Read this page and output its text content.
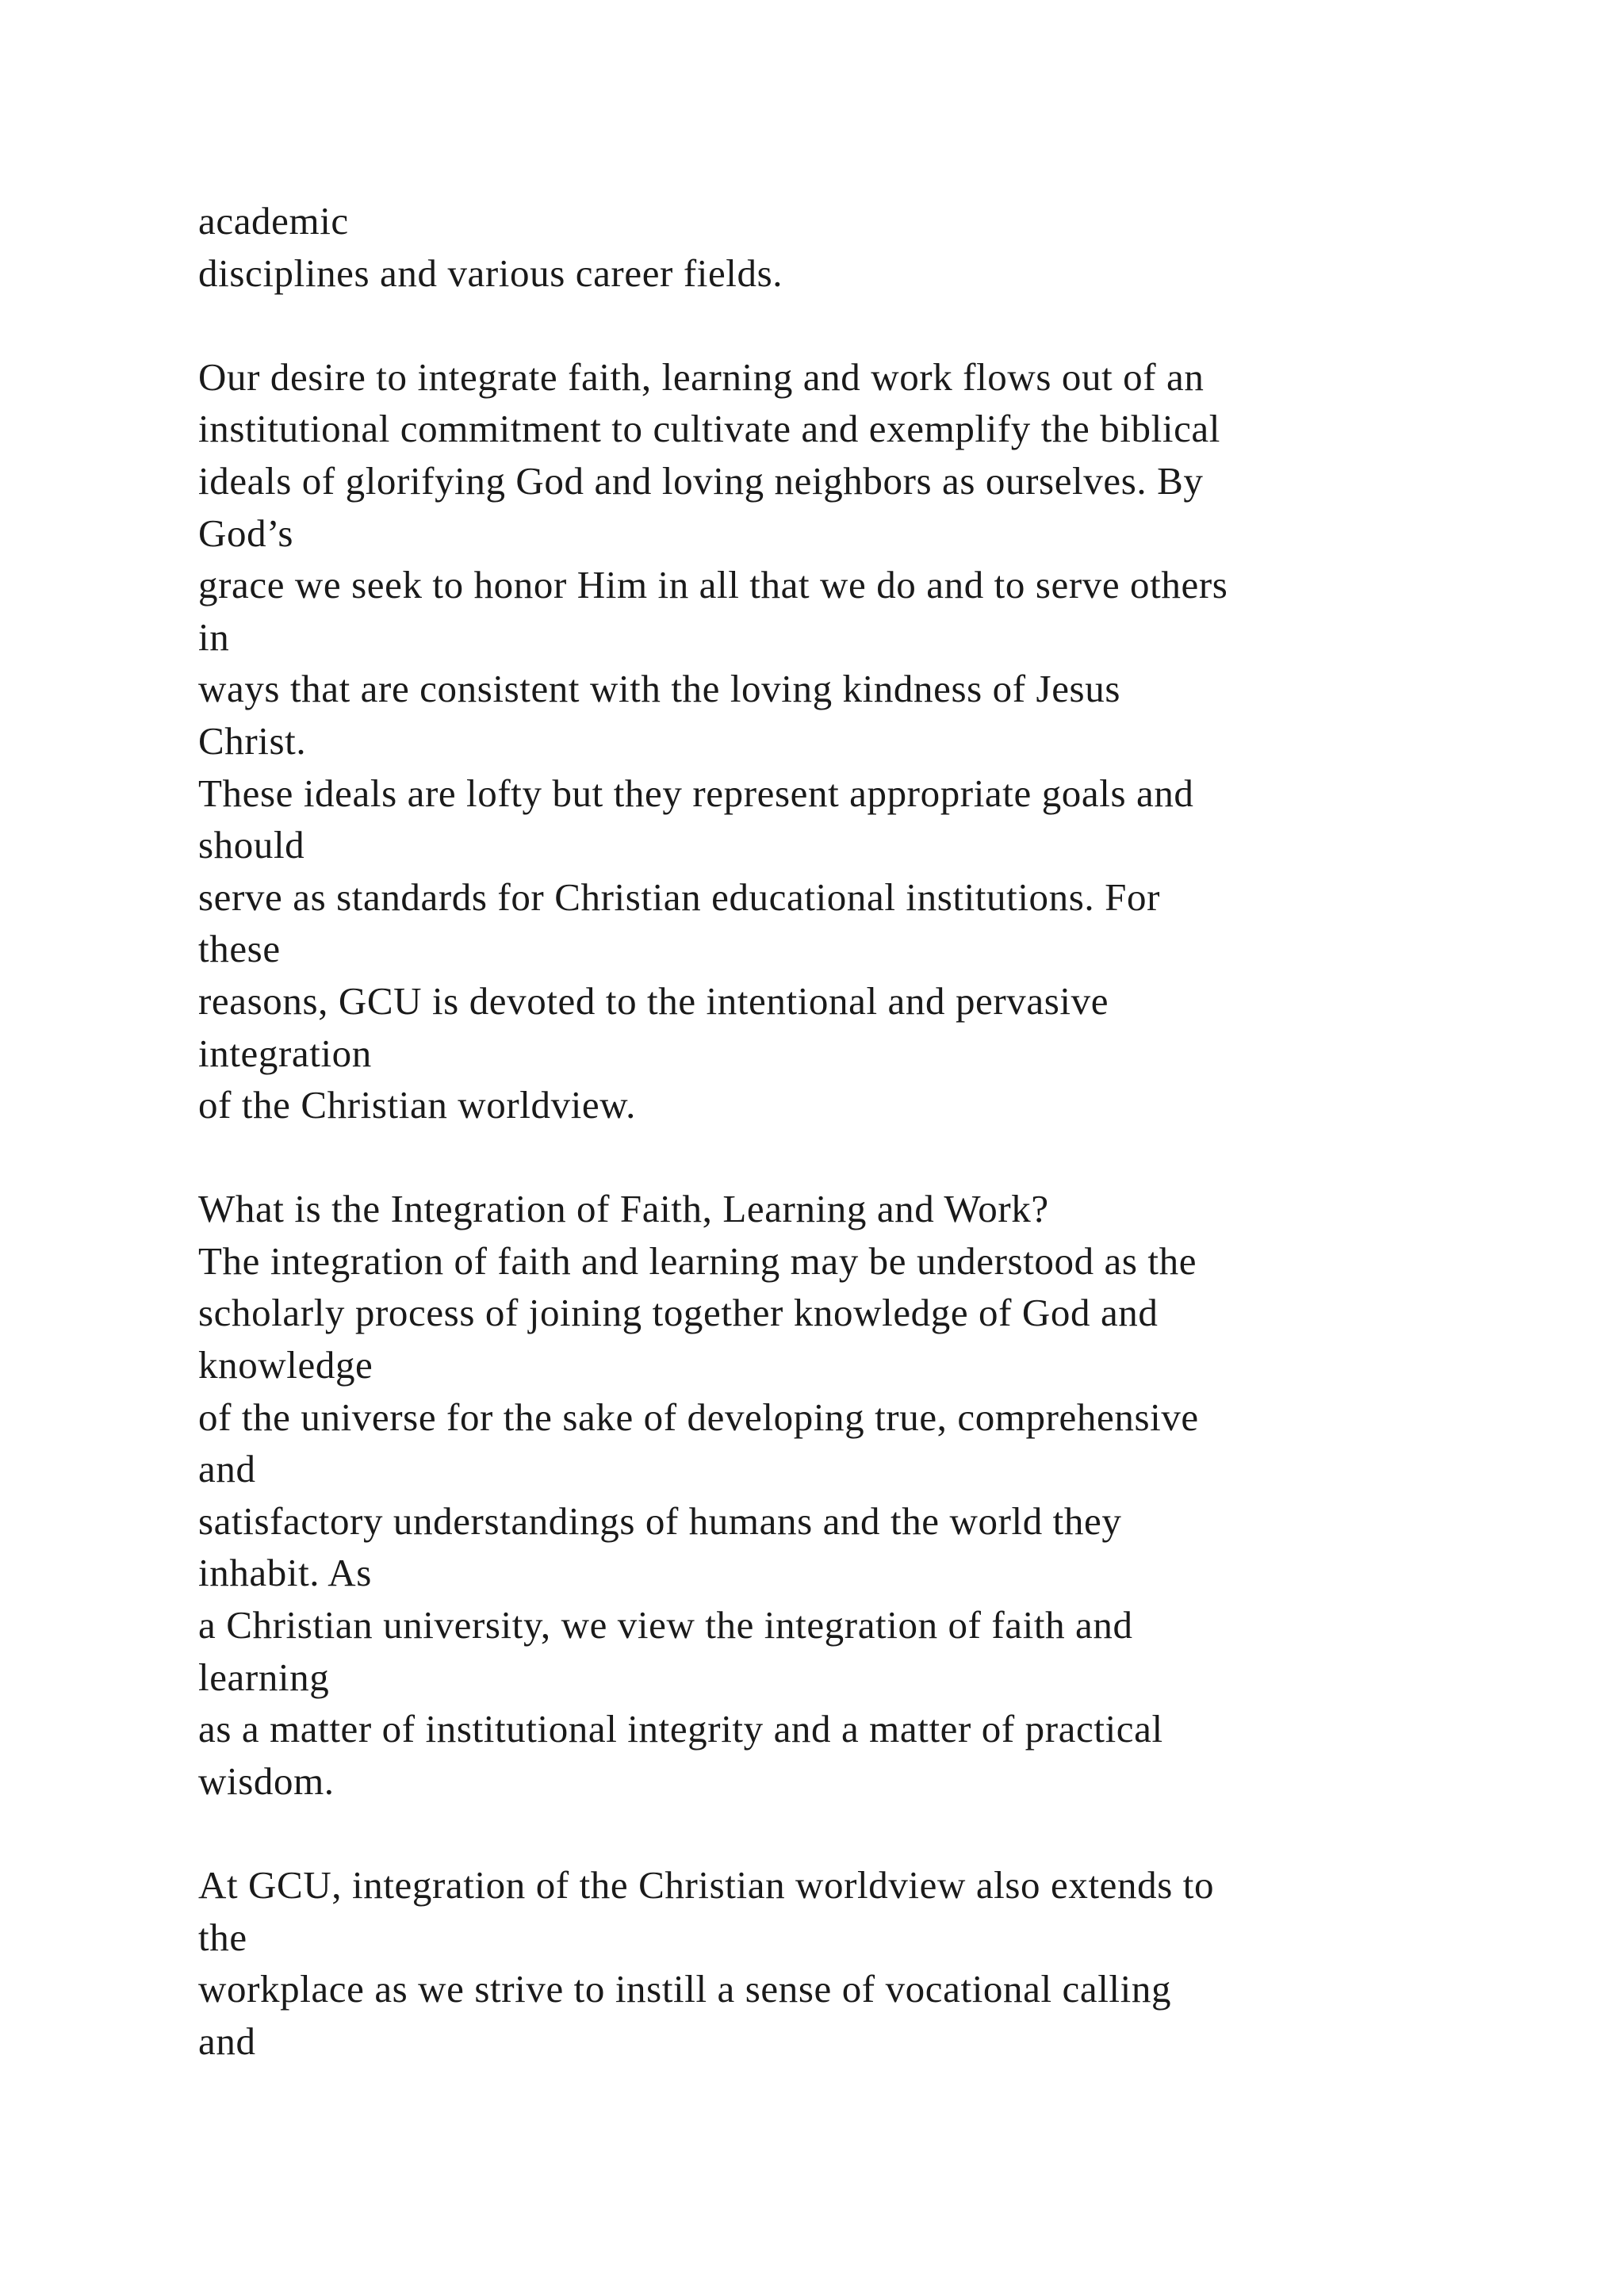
academic
disciplines and various career fields.
Our desire to integrate faith, learning and work flows out of an
institutional commitment to cultivate and exemplify the biblical
ideals of glorifying God and loving neighbors as ourselves. By
God’s
grace we seek to honor Him in all that we do and to serve others
in
ways that are consistent with the loving kindness of Jesus
Christ.
These ideals are lofty but they represent appropriate goals and
should
serve as standards for Christian educational institutions. For
these
reasons, GCU is devoted to the intentional and pervasive
integration
of the Christian worldview.
What is the Integration of Faith, Learning and Work?
The integration of faith and learning may be understood as the
scholarly process of joining together knowledge of God and
knowledge
of the universe for the sake of developing true, comprehensive
and
satisfactory understandings of humans and the world they
inhabit. As
a Christian university, we view the integration of faith and
learning
as a matter of institutional integrity and a matter of practical
wisdom.
At GCU, integration of the Christian worldview also extends to
the
workplace as we strive to instill a sense of vocational calling
and
